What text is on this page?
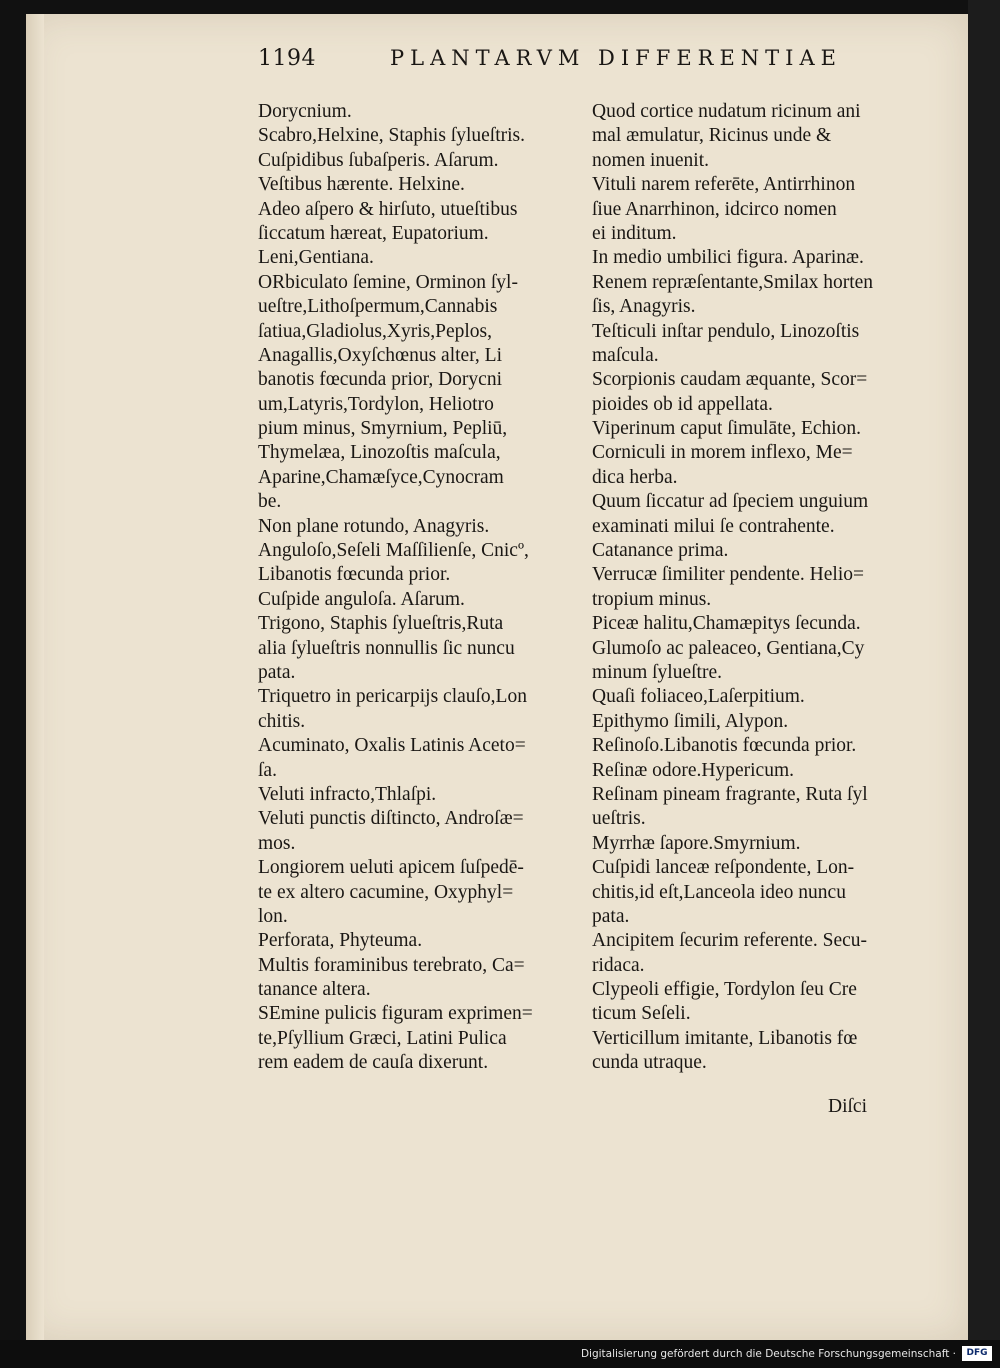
1194	PLANTARVM DIFFERENTIAE
Dorycnium.
Scabro,Helxine, Staphis ſylueſtris.
Cuſpidibus ſubaſperis. Aſarum.
Veſtibus hærente. Helxine.
Adeo aſpero & hirſuto, utueſtibus
ſiccatum hæreat, Eupatorium.
Leni,Gentiana.
ORbiculato ſemine, Orminon ſyl-
ueſtre,Lithoſpermum,Cannabis
ſatiua,Gladiolus,Xyris,Peplos,
Anagallis,Oxyſchœnus alter, Li
banotis fœcunda prior, Dorycni
um,Latyris,Tordylon, Heliotro
pium minus, Smyrnium, Pepliū,
Thymelæa, Linozoſtis maſcula,
Aparine,Chamæſyce,Cynocram
be.
Non plane rotundo, Anagyris.
Anguloſo,Seſeli Maſſilienſe, Cnicº,
Libanotis fœcunda prior.
Cuſpide anguloſa. Aſarum.
Trigono, Staphis ſylueſtris,Ruta
alia ſylueſtris nonnullis ſic nuncu
pata.
Triquetro in pericarpijs clauſo,Lon
chitis.
Acuminato, Oxalis Latinis Aceto=
ſa.
Veluti infracto,Thlaſpi.
Veluti punctis diſtincto, Androſæ=
mos.
Longiorem ueluti apicem ſuſpedē-
te ex altero cacumine, Oxyphyl=
lon.
Perforata, Phyteuma.
Multis foraminibus terebrato, Ca=
tanance altera.
SEmine pulicis figuram exprimen=
te,Pſyllium Græci, Latini Pulica
rem eadem de cauſa dixerunt.
Quod cortice nudatum ricinum ani
mal æmulatur, Ricinus unde &
nomen inuenit.
Vituli narem referēte, Antirrhinon
ſiue Anarrhinon, idcirco nomen
ei inditum.
In medio umbilici figura. Aparinæ.
Renem repræſentante,Smilax horten
ſis, Anagyris.
Teſticuli inſtar pendulo, Linozoſtis
maſcula.
Scorpionis caudam æquante, Scor=
pioides ob id appellata.
Viperinum caput ſimulāte, Echion.
Corniculi in morem inflexo, Me=
dica herba.
Quum ſiccatur ad ſpeciem unguium
examinati milui ſe contrahente.
Catanance prima.
Verrucæ ſimiliter pendente. Helio=
tropium minus.
Piceæ halitu,Chamæpitys ſecunda.
Glumoſo ac paleaceo, Gentiana,Cy
minum ſylueſtre.
Quaſi foliaceo,Laſerpitium.
Epithymo ſimili, Alypon.
Reſinoſo.Libanotis fœcunda prior.
Reſinæ odore.Hypericum.
Reſinam pineam fragrante, Ruta ſyl
ueſtris.
Myrrhæ ſapore.Smyrnium.
Cuſpidi lanceæ reſpondente, Lon-
chitis,id eſt,Lanceola ideo nuncu
pata.
Ancipitem ſecurim referente. Secu-
ridaca.
Clypeoli effigie, Tordylon ſeu Cre
ticum Seſeli.
Verticillum imitante, Libanotis fœ
cunda utraque.
Diſci
Digitalisierung gefördert durch die Deutsche Forschungsgemeinschaft ·	DFG
